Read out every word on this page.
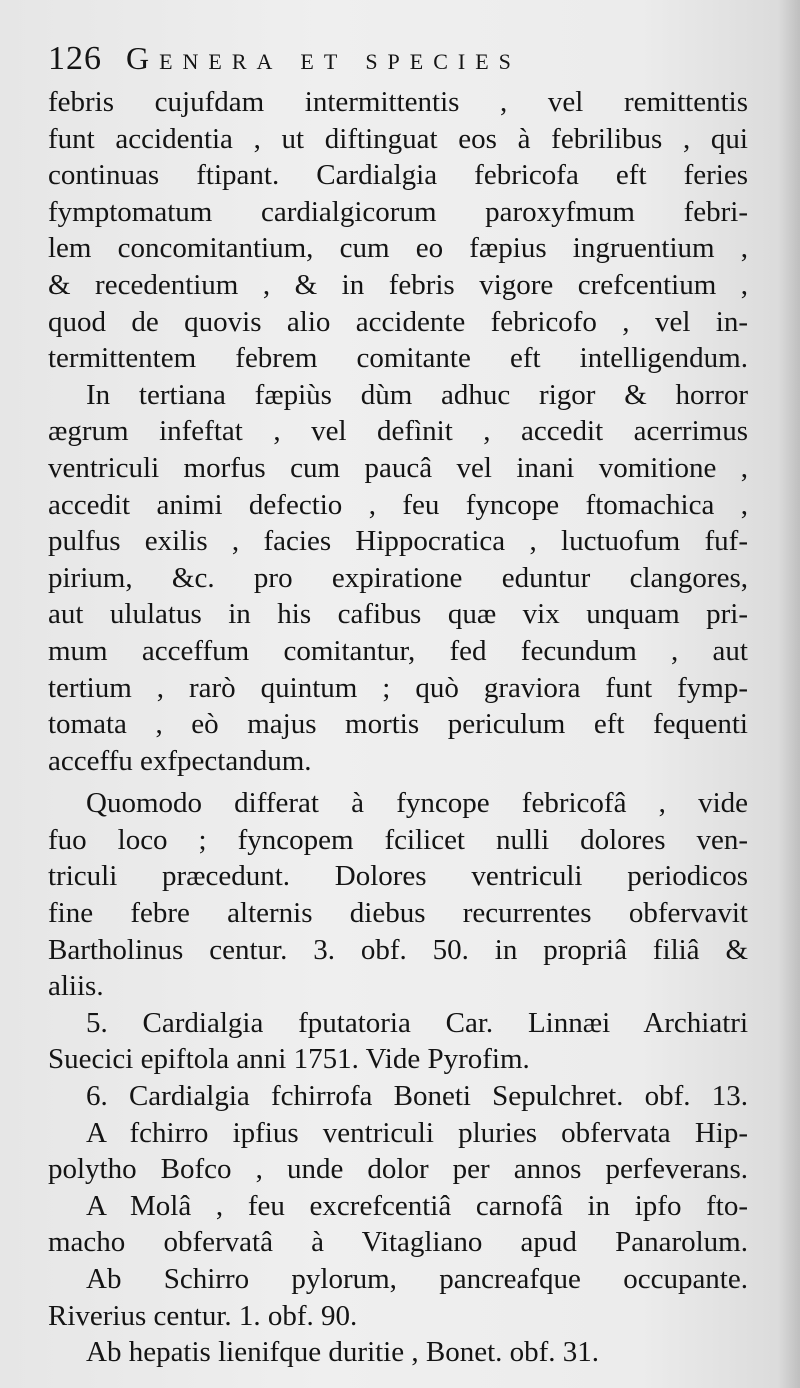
126 Genera et species
febris cujufdam intermittentis , vel remittentis
funt accidentia , ut diftinguat eos à febrilibus , qui
continuas ftipant. Cardialgia febricofa eft feries
fymptomatum cardialgicorum paroxyfmum febri-
lem concomitantium, cum eo fæpius ingruentium ,
& recedentium , & in febris vigore crefcentium ,
quod de quovis alio accidente febricofo , vel in-
termittentem febrem comitante eft intelligendum.
In tertiana fæpiùs dùm adhuc rigor & horror
ægrum infeftat , vel defìnit , accedit acerrimus
ventriculi morfus cum paucâ vel inani vomitione ,
accedit animi defectio , feu fyncope ftomachica ,
pulfus exilis , facies Hippocratica , luctuofum fuf-
pirium, &c. pro expiratione eduntur clangores,
aut ululatus in his cafibus quæ vix unquam pri-
mum acceffum comitantur, fed fecundum , aut
tertium , rarò quintum ; quò graviora funt fymp-
tomata , eò majus mortis periculum eft fequenti
acceffu exfpectandum.
Quomodo differat à fyncope febricofâ , vide
fuo loco ; fyncopem fcilicet nulli dolores ven-
triculi præcedunt. Dolores ventriculi periodicos
fine febre alternis diebus recurrentes obfervavit
Bartholinus centur. 3. obf. 50. in propriâ filiâ &
aliis.
5. Cardialgia fputatoria Car. Linnæi Archiatri
Suecici epiftola anni 1751. Vide Pyrofim.
6. Cardialgia fchirrofa Boneti Sepulchret. obf. 13.
A fchirro ipfius ventriculi pluries obfervata Hip-
polytho Bofco , unde dolor per annos perfeverans.
A Molâ , feu excrefcentiâ carnofâ in ipfo fto-
macho obfervatâ à Vitagliano apud Panarolum.
Ab Schirro pylorum, pancreafque occupante.
Riverius centur. 1. obf. 90.
Ab hepatis lienifque duritie , Bonet. obf. 31.
